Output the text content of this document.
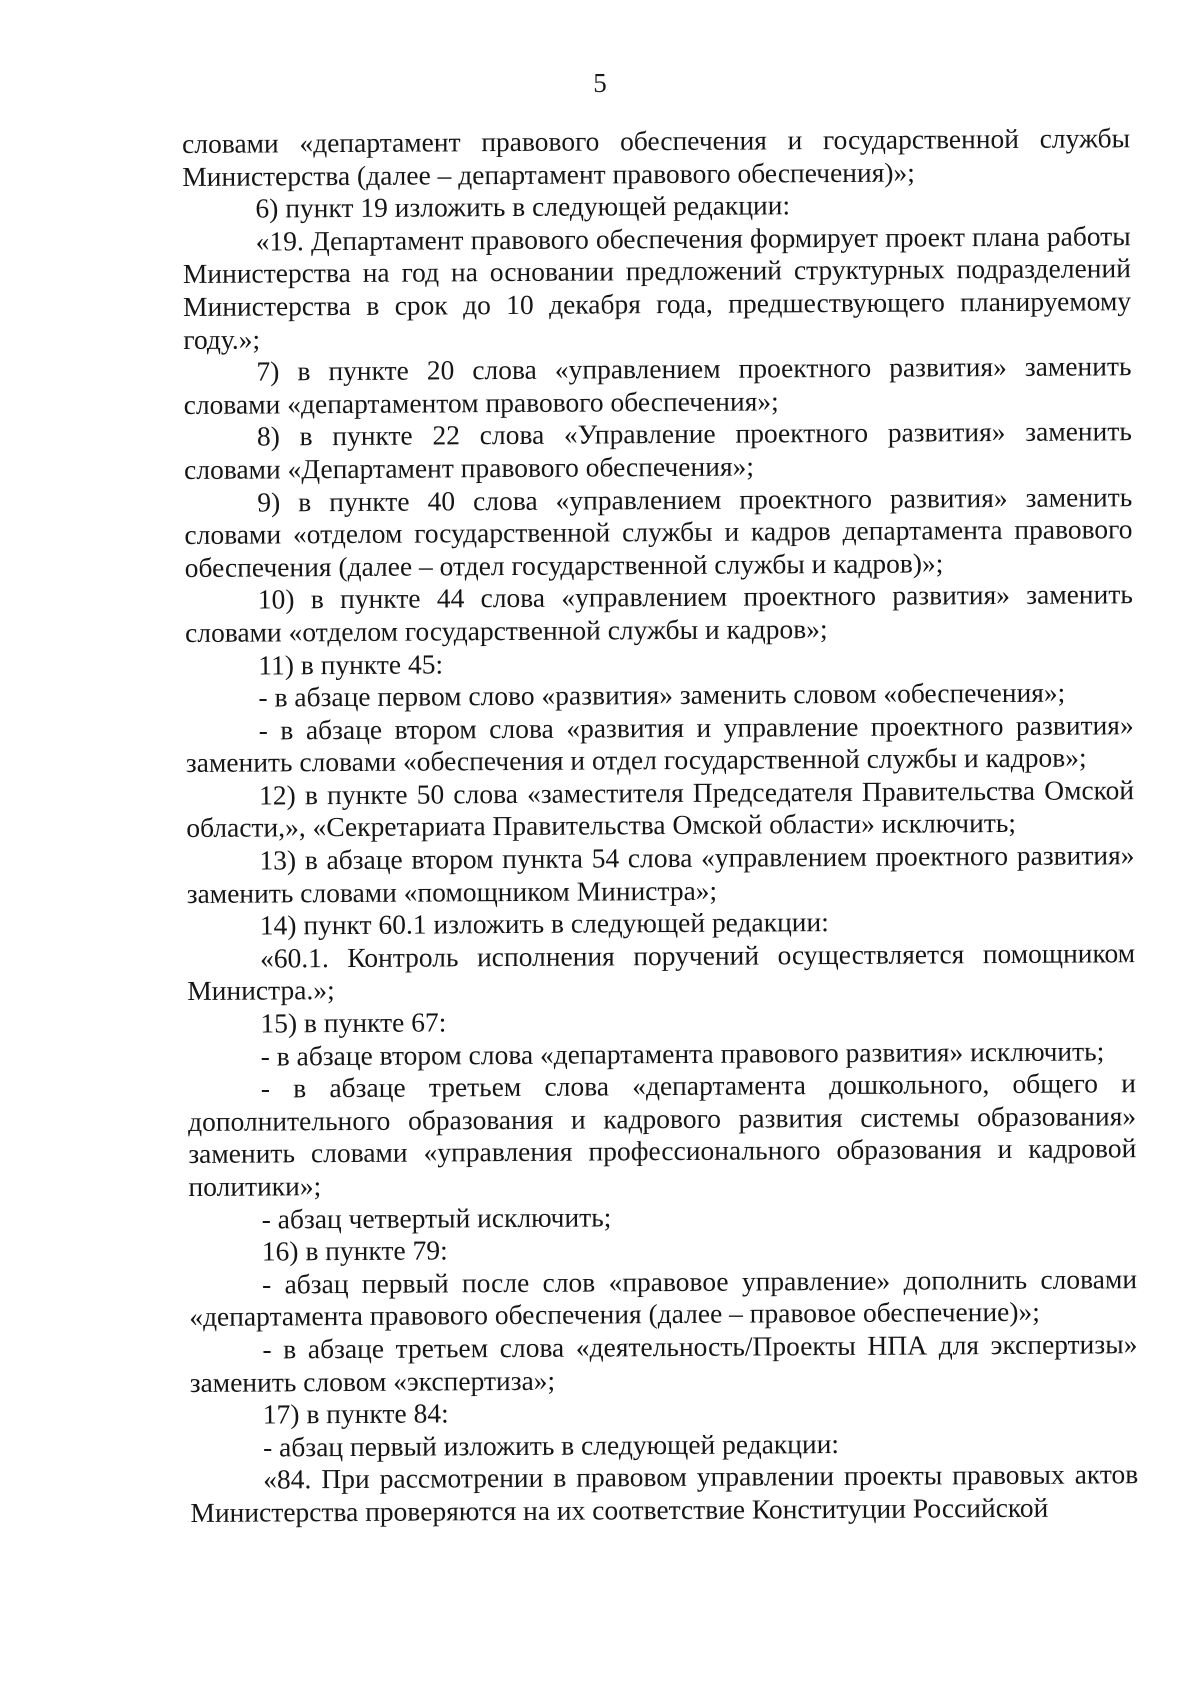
5

словами «департамент правового обеспечения и государственной службы Министерства (далее – департамент правового обеспечения)»;

6) пункт 19 изложить в следующей редакции:

«19. Департамент правового обеспечения формирует проект плана работы Министерства на год на основании предложений структурных подразделений Министерства в срок до 10 декабря года, предшествующего планируемому году.»;

7) в пункте 20 слова «управлением проектного развития» заменить словами «департаментом правового обеспечения»;

8) в пункте 22 слова «Управление проектного развития» заменить словами «Департамент правового обеспечения»;

9) в пункте 40 слова «управлением проектного развития» заменить словами «отделом государственной службы и кадров департамента правового обеспечения (далее – отдел государственной службы и кадров)»;

10) в пункте 44 слова «управлением проектного развития» заменить словами «отделом государственной службы и кадров»;

11) в пункте 45:

- в абзаце первом слово «развития» заменить словом «обеспечения»;

- в абзаце втором слова «развития и управление проектного развития» заменить словами «обеспечения и отдел государственной службы и кадров»;

12) в пункте 50 слова «заместителя Председателя Правительства Омской области,», «Секретариата Правительства Омской области» исключить;

13) в абзаце втором пункта 54 слова «управлением проектного развития» заменить словами «помощником Министра»;

14) пункт 60.1 изложить в следующей редакции:

«60.1. Контроль исполнения поручений осуществляется помощником Министра.»;

15) в пункте 67:

- в абзаце втором слова «департамента правового развития» исключить;

- в абзаце третьем слова «департамента дошкольного, общего и дополнительного образования и кадрового развития системы образования» заменить словами «управления профессионального образования и кадровой политики»;

- абзац четвертый исключить;

16) в пункте 79:

- абзац первый после слов «правовое управление» дополнить словами «департамента правового обеспечения (далее – правовое обеспечение)»;

- в абзаце третьем слова «деятельность/Проекты НПА для экспертизы» заменить словом «экспертиза»;

17) в пункте 84:

- абзац первый изложить в следующей редакции:

«84. При рассмотрении в правовом управлении проекты правовых актов Министерства проверяются на их соответствие Конституции Российской
